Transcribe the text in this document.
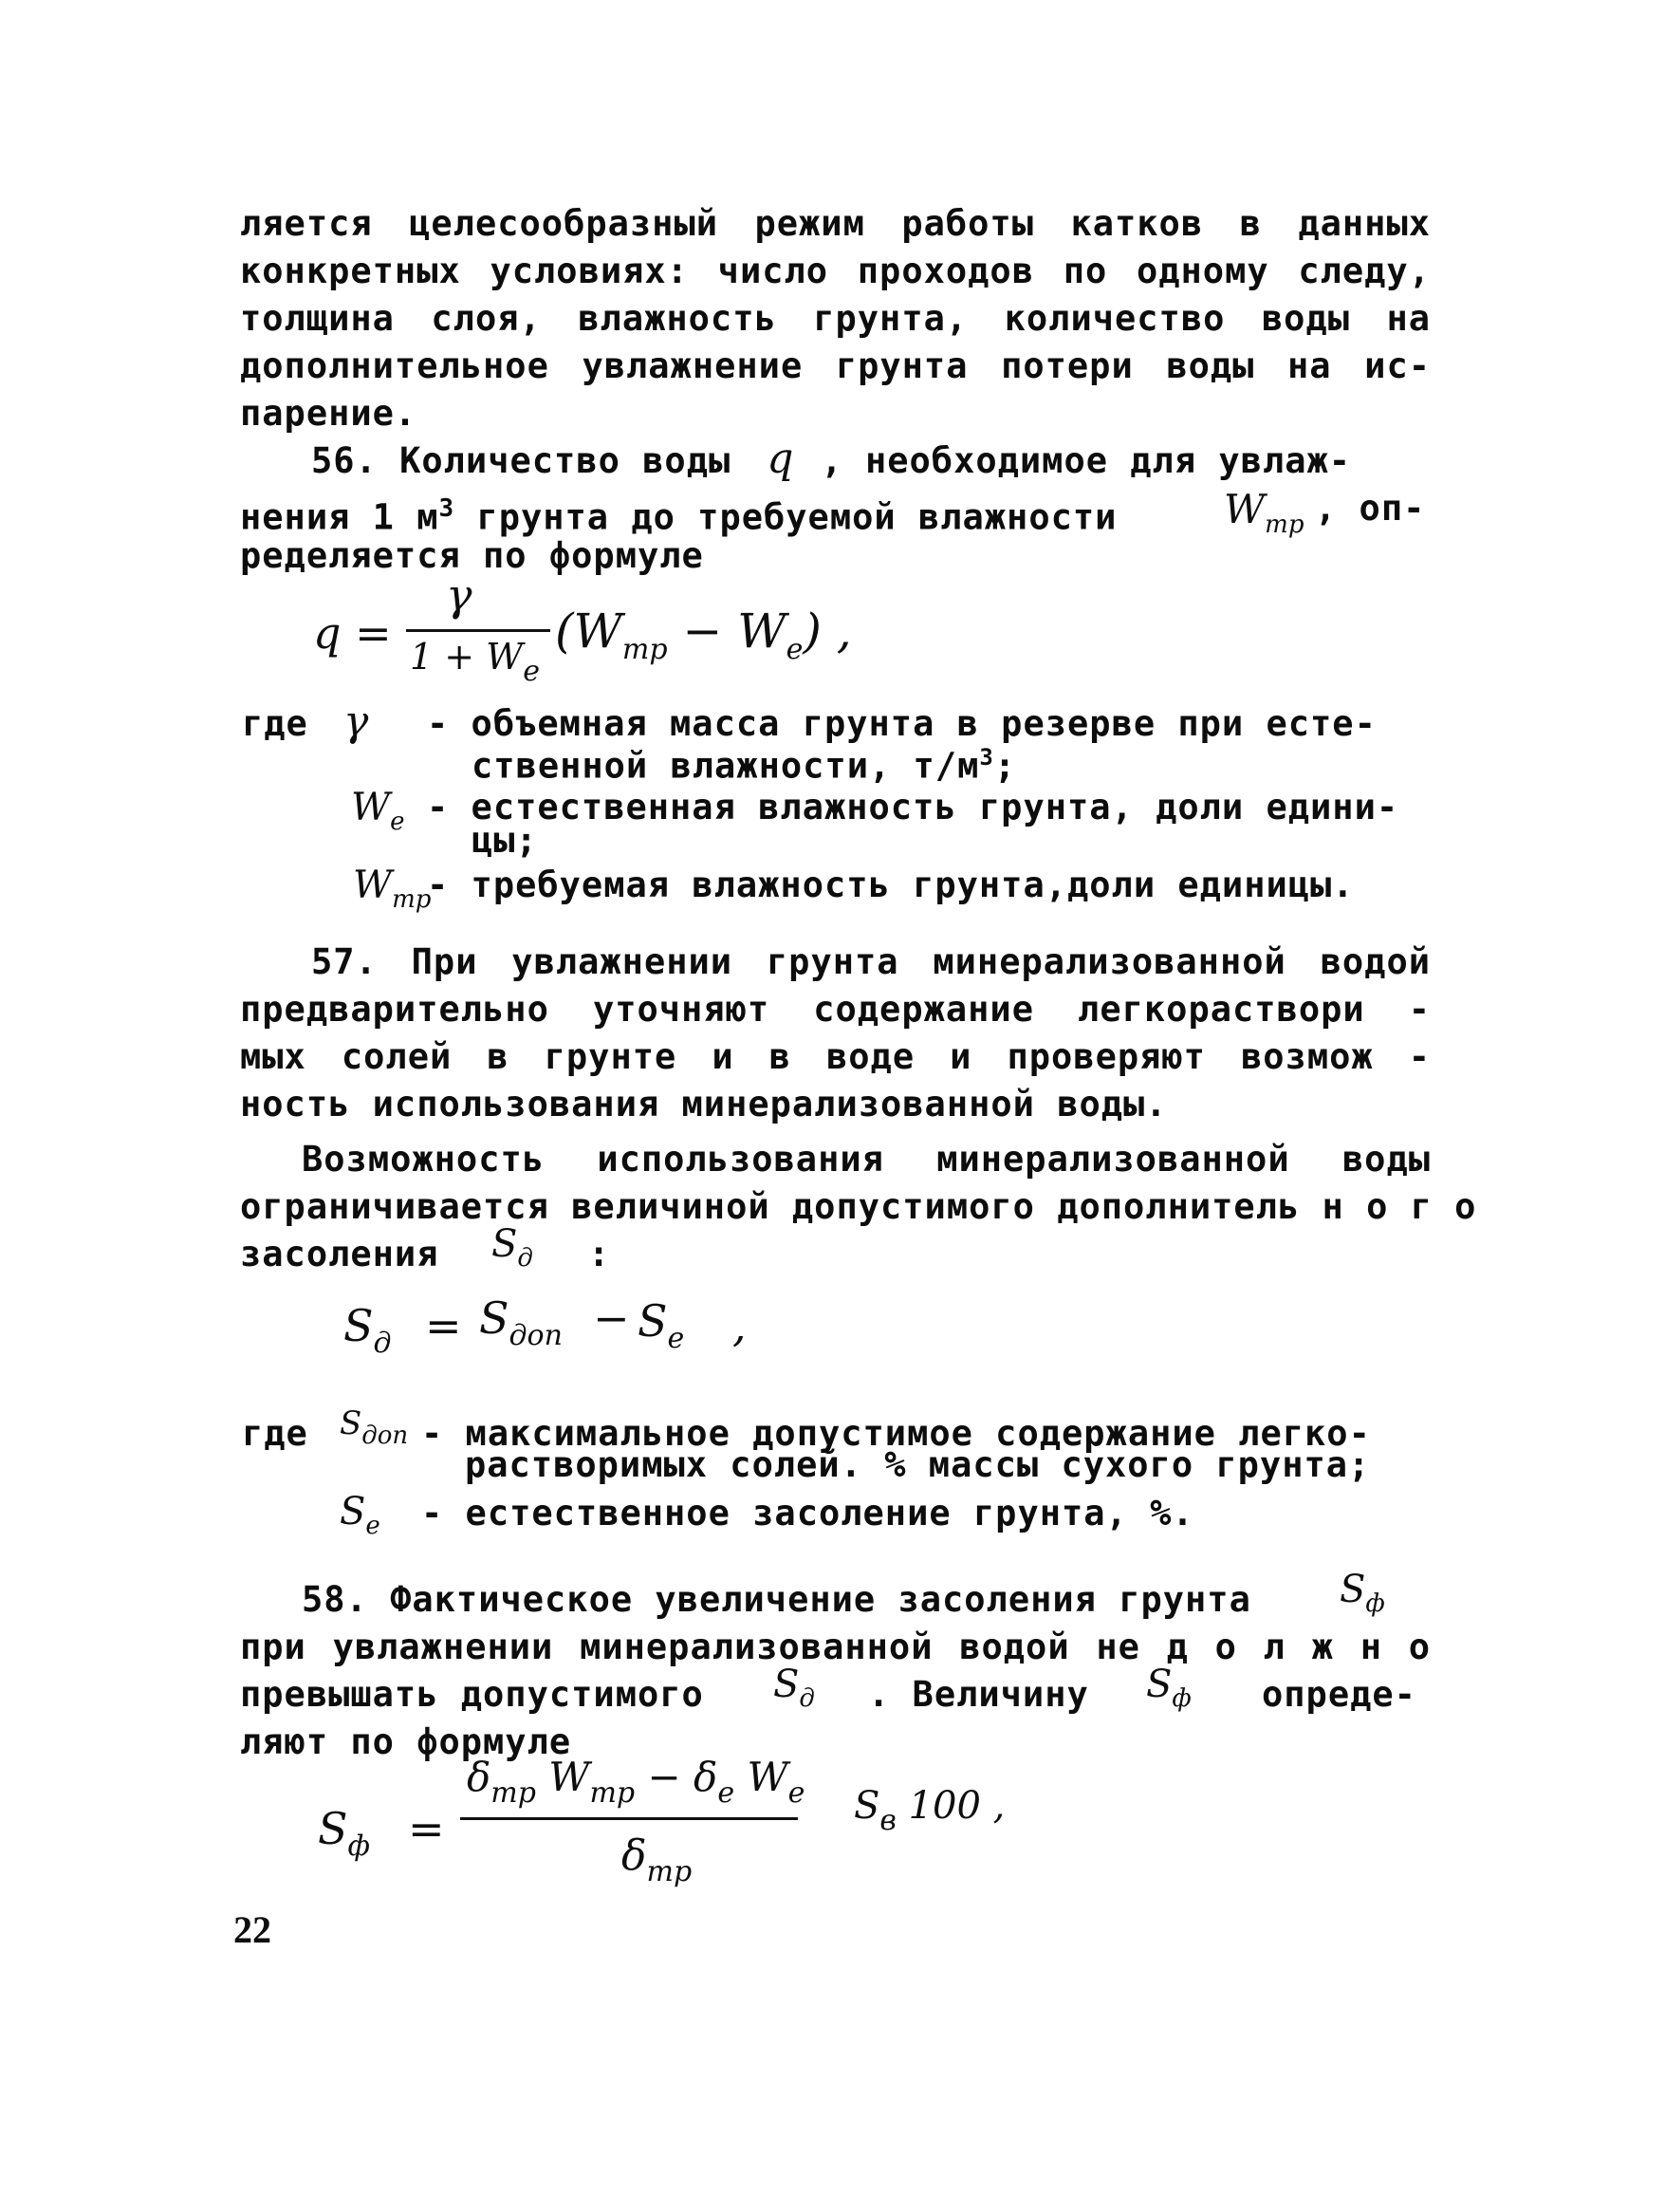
ляется целесообразный режим работы катков в данных
конкретных условиях: число проходов по одному следу,
толщина слоя, влажность грунта, количество воды на
дополнительное увлажнение грунта потери воды на ис-
парение.
56. Количество воды q , необходимое для увлаж-
нения 1 $м^3$ грунта до требуемой влажности	$W_{тр}$ , оп-
ределяется по формуле
q =
γ
$1 + W_e$
$(W_{тр} - W_e)$ ,
где γ - объемная масса грунта в резерве при есте-
ственной влажности, $т/м^3$;
$W_e$ - естественная влажность грунта, доли едини-
цы;
$W_{тр}$
- требуемая влажность грунта,доли единицы.
57. При увлажнении грунта минерализованной водой
предварительно уточняют содержание легкораствори -
мых солей в грунте и в воде и проверяют возмож -
ность использования минерализованной воды.
Возможность использования минерализованной воды
ограничивается величиной допустимого дополнитель н о г о
засоления $S_д$ :
$S_д = S_{доп} - S_e$ ,
где $S_{доп}$ - максимальное допустимое содержание легко-
растворимых солей. % массы сухого грунта;
$S_e$ - естественное засоление грунта, %.
58. Фактическое увеличение засоления грунта $S_ф$
при увлажнении минерализованной водой не д о л ж н о
превышать допустимого $S_д$ . Величину $S_ф$ опреде-
ляют по формуле
$S_ф$ =
$\delta_{тр}$ $W_{тр} - \delta_e$ $W_e$
$\delta_{тр}$
$S_в$ 100 ,
22
